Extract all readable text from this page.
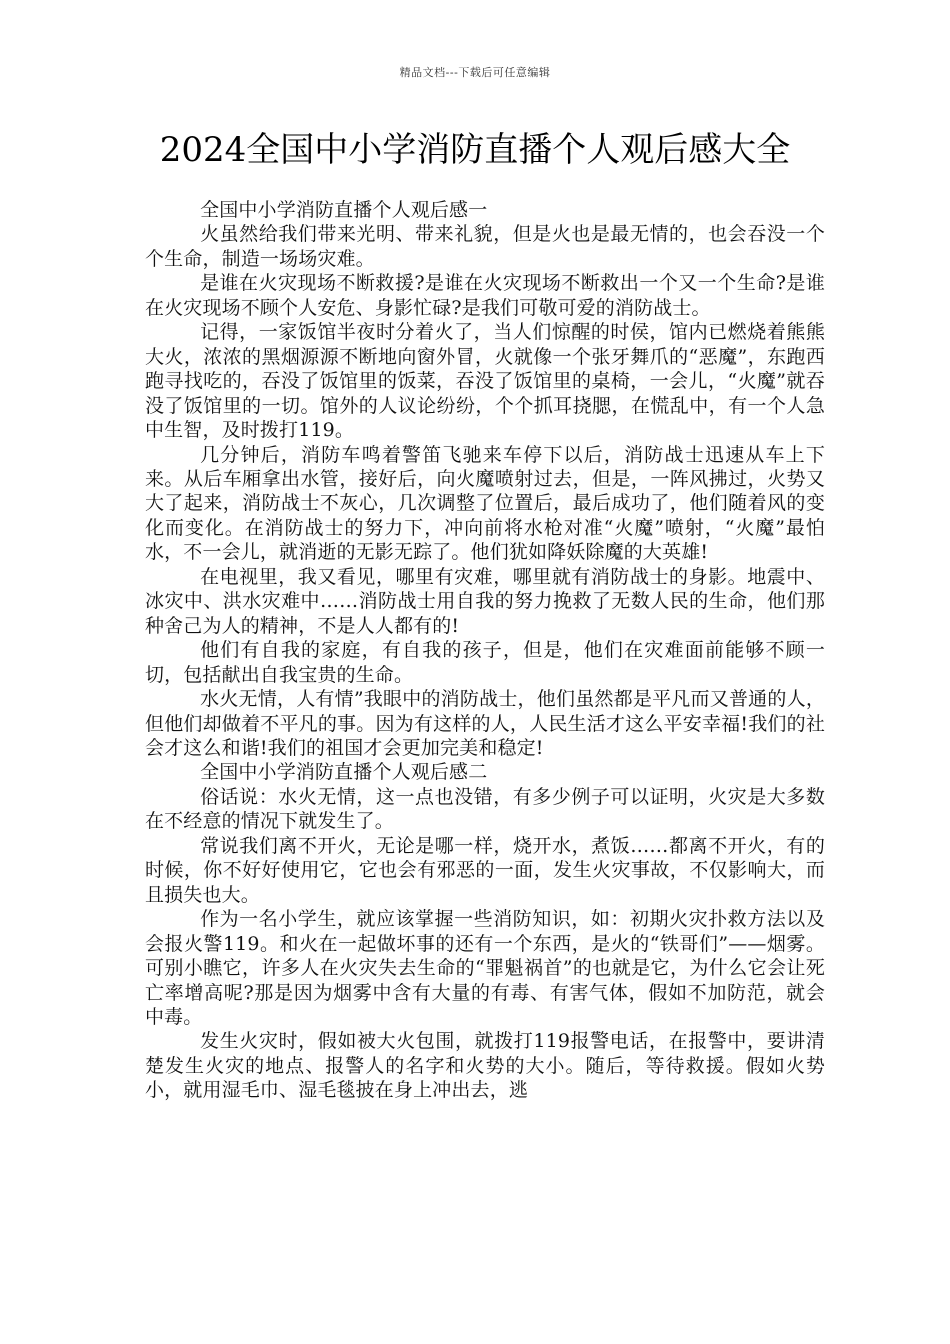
精品文档---下载后可任意编辑
2024全国中小学消防直播个人观后感大全

全国中小学消防直播个人观后感一

火虽然给我们带来光明、带来礼貌，但是火也是最无情的，也会吞没一个个生命，制造一场场灾难。

是谁在火灾现场不断救援?是谁在火灾现场不断救出一个又一个生命?是谁在火灾现场不顾个人安危、身影忙碌?是我们可敬可爱的消防战士。

记得，一家饭馆半夜时分着火了，当人们惊醒的时侯，馆内已燃烧着熊熊大火，浓浓的黑烟源源不断地向窗外冒，火就像一个张牙舞爪的“恶魔”，东跑西跑寻找吃的，吞没了饭馆里的饭菜，吞没了饭馆里的桌椅，一会儿，“火魔”就吞没了饭馆里的一切。馆外的人议论纷纷，个个抓耳挠腮，在慌乱中，有一个人急中生智，及时拨打119。

几分钟后，消防车鸣着警笛飞驰来车停下以后，消防战士迅速从车上下来。从后车厢拿出水管，接好后，向火魔喷射过去，但是，一阵风拂过，火势又大了起来，消防战士不灰心，几次调整了位置后，最后成功了，他们随着风的变化而变化。在消防战士的努力下，冲向前将水枪对准“火魔”喷射，“火魔”最怕水，不一会儿，就消逝的无影无踪了。他们犹如降妖除魔的大英雄!

在电视里，我又看见，哪里有灾难，哪里就有消防战士的身影。地震中、冰灾中、洪水灾难中……消防战士用自我的努力挽救了无数人民的生命，他们那种舍己为人的精神，不是人人都有的!

他们有自我的家庭，有自我的孩子，但是，他们在灾难面前能够不顾一切，包括献出自我宝贵的生命。

水火无情，人有情”我眼中的消防战士，他们虽然都是平凡而又普通的人，但他们却做着不平凡的事。因为有这样的人，人民生活才这么平安幸福!我们的社会才这么和谐!我们的祖国才会更加完美和稳定!

全国中小学消防直播个人观后感二

俗话说：水火无情，这一点也没错，有多少例子可以证明，火灾是大多数在不经意的情况下就发生了。

常说我们离不开火，无论是哪一样，烧开水，煮饭……都离不开火，有的时候，你不好好使用它，它也会有邪恶的一面，发生火灾事故，不仅影响大，而且损失也大。

作为一名小学生，就应该掌握一些消防知识，如：初期火灾扑救方法以及会报火警119。和火在一起做坏事的还有一个东西，是火的“铁哥们”——烟雾。可别小瞧它，许多人在火灾失去生命的“罪魁祸首”的也就是它，为什么它会让死亡率增高呢?那是因为烟雾中含有大量的有毒、有害气体，假如不加防范，就会中毒。

发生火灾时，假如被大火包围，就拨打119报警电话，在报警中，要讲清楚发生火灾的地点、报警人的名字和火势的大小。随后，等待救援。假如火势小，就用湿毛巾、湿毛毯披在身上冲出去，逃
